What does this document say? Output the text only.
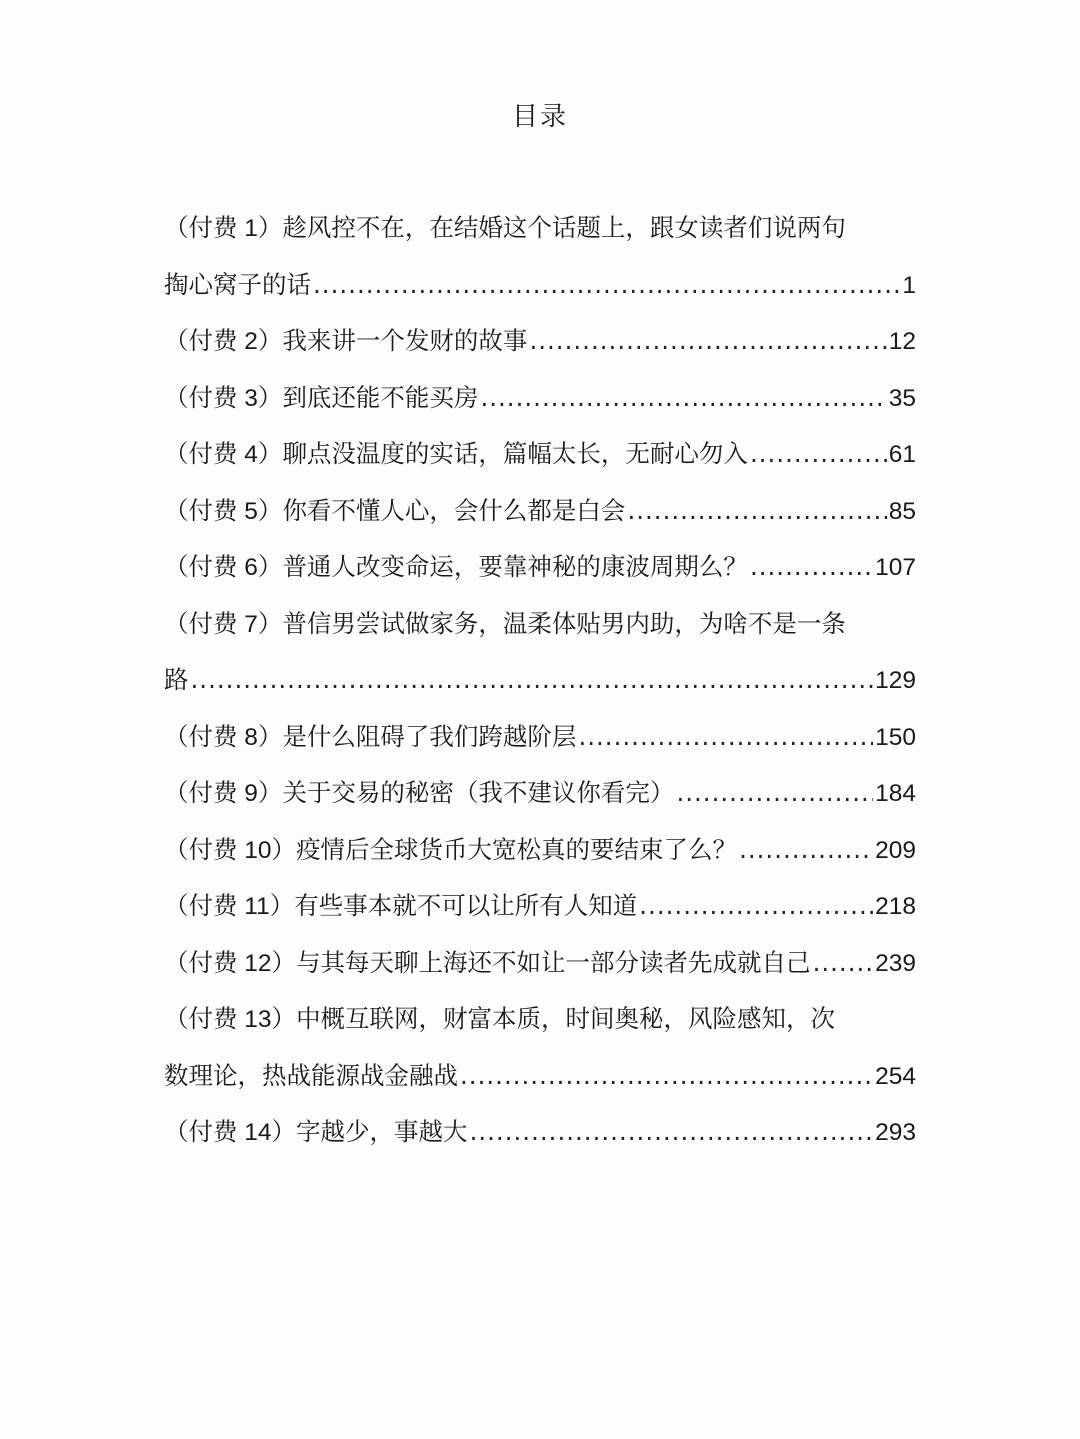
目录
（付费 1）趁风控不在，在结婚这个话题上，跟女读者们说两句
掏心窝子的话 .....	1
（付费 2）我来讲一个发财的故事 .....	12
（付费 3）到底还能不能买房 .....	35
（付费 4）聊点没温度的实话，篇幅太长，无耐心勿入 .....	61
（付费 5）你看不懂人心，会什么都是白会 .....	85
（付费 6）普通人改变命运，要靠神秘的康波周期么？ .....	107
（付费 7）普信男尝试做家务，温柔体贴男内助，为啥不是一条
路 .....	129
（付费 8）是什么阻碍了我们跨越阶层 .....	150
（付费 9）关于交易的秘密（我不建议你看完） .....	184
（付费 10）疫情后全球货币大宽松真的要结束了么？ .....	209
（付费 11）有些事本就不可以让所有人知道 .....	218
（付费 12）与其每天聊上海还不如让一部分读者先成就自己 .....	239
（付费 13）中概互联网，财富本质，时间奥秘，风险感知，次
数理论，热战能源战金融战 .....	254
（付费 14）字越少，事越大 .....	293
